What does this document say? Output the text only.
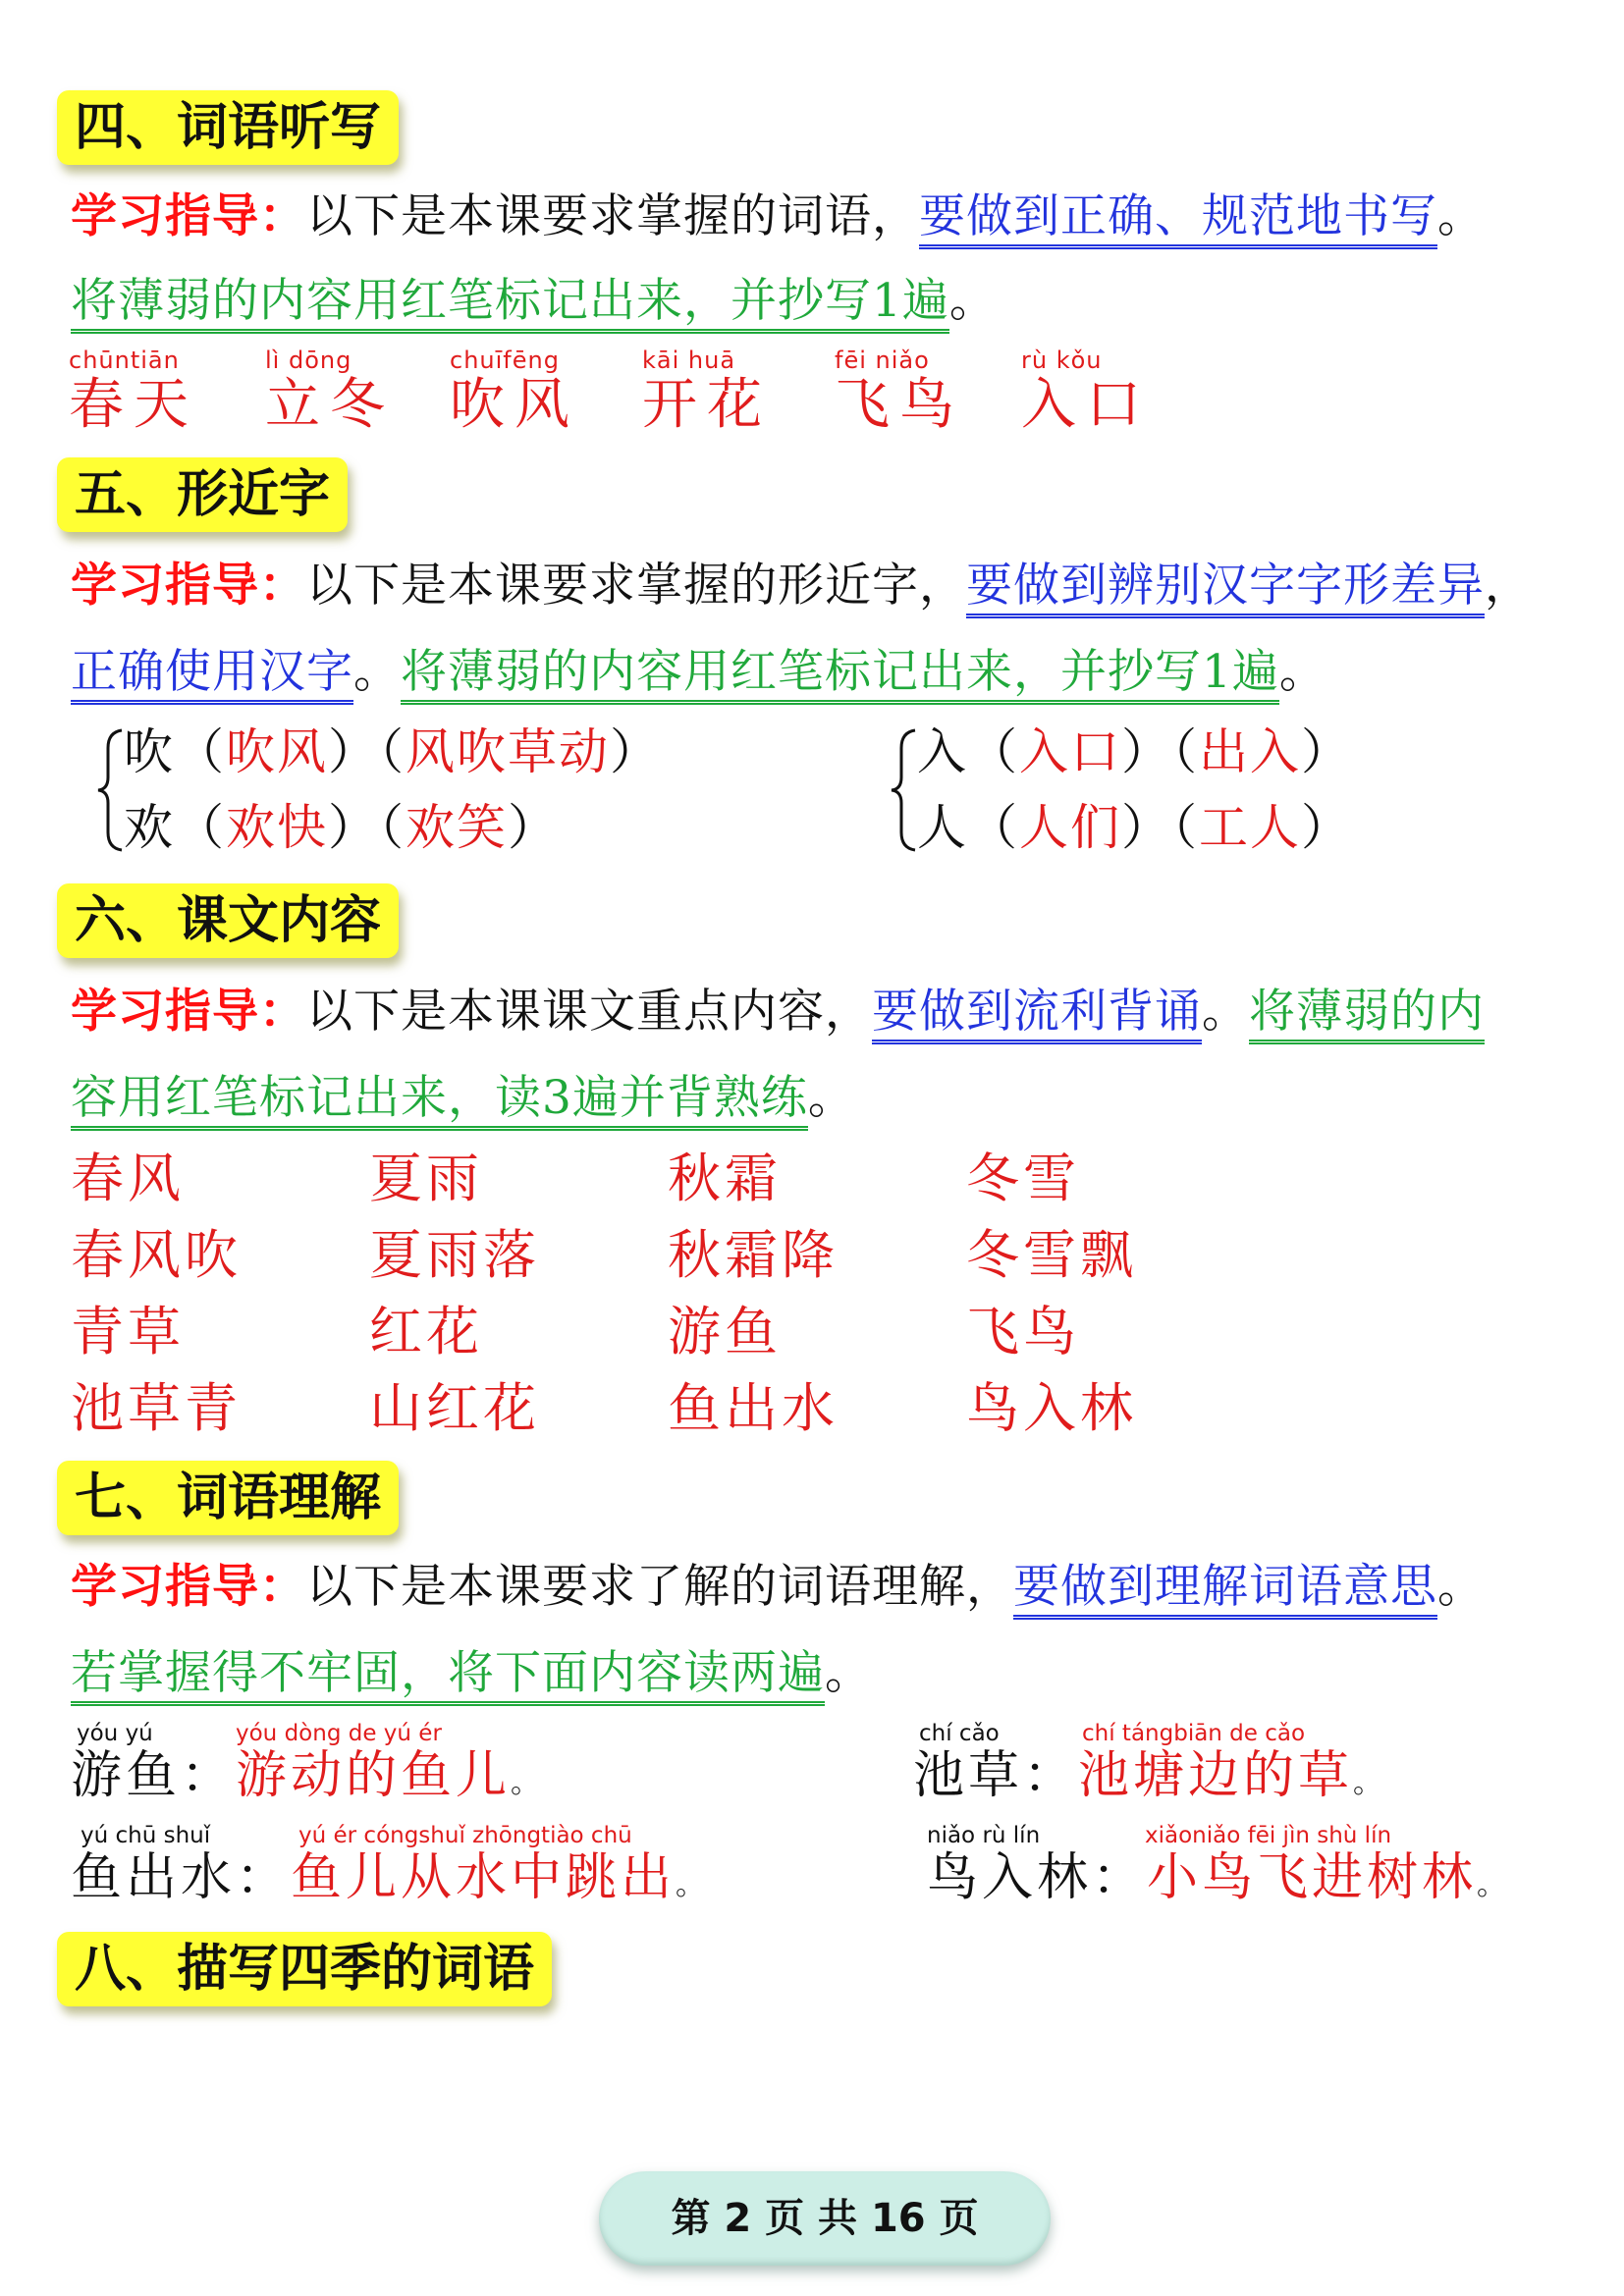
四、词语听写
学习指导：以下是本课要求掌握的词语，要做到正确、规范地书写。
将薄弱的内容用红笔标记出来，并抄写1遍。
chūntiān
春天
lì dōng
立冬
chuīfēng
吹风
kāi huā
开花
fēi niǎo
飞鸟
rù kǒu
入口
五、形近字
学习指导：以下是本课要求掌握的形近字，要做到辨别汉字字形差异，
正确使用汉字。将薄弱的内容用红笔标记出来，并抄写1遍。
吹（吹风）（风吹草动）
欢（欢快）（欢笑）
入（入口）（出入）
人（人们）（工人）
六、课文内容
学习指导：以下是本课课文重点内容，要做到流利背诵。将薄弱的内
容用红笔标记出来，读3遍并背熟练。
春风	夏雨	秋霜	冬雪
春风吹 夏雨落 秋霜降 冬雪飘
青草	红花	游鱼	飞鸟
池草青 山红花 鱼出水 鸟入林
七、词语理解
学习指导：以下是本课要求了解的词语理解，要做到理解词语意思。
若掌握得不牢固，将下面内容读两遍。
yóu yú	yóu dòng de yú ér
游鱼：游动的鱼儿。
chí cǎo	chí tángbiān de cǎo
池草：池塘边的草。
yú chū shuǐ	yú ér cóngshuǐ zhōngtiào chū
鱼出水：鱼儿从水中跳出。
niǎo rù lín	xiǎoniǎo fēi jìn shù lín
鸟入林：小鸟飞进树林。
八、描写四季的词语
第 2 页 共 16 页
